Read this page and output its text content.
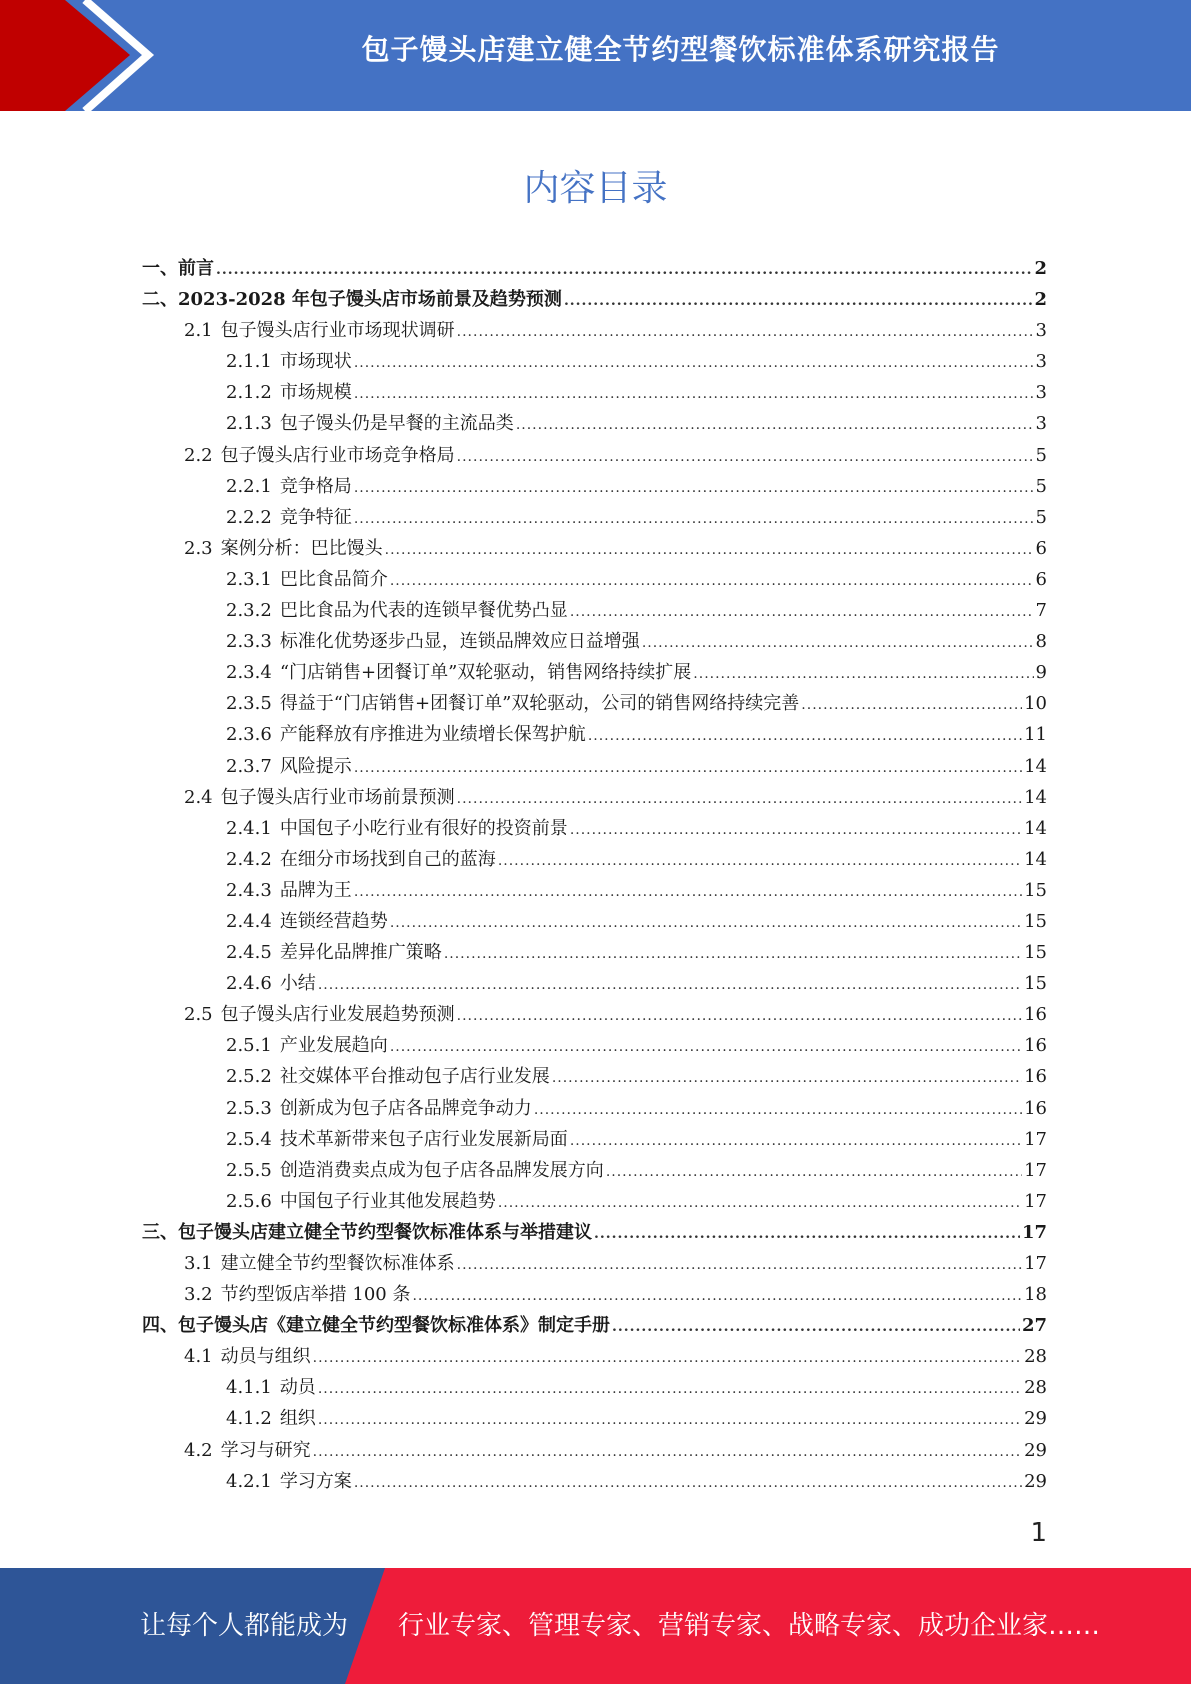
包子馒头店建立健全节约型餐饮标准体系研究报告
内容目录
一、 前言 .....	2
二、 2023-2028 年包子馒头店市场前景及趋势预测 .....	2
2.1 包子馒头店行业市场现状调研 .....	3
2.1.1 市场现状 .....	3
2.1.2 市场规模 .....	3
2.1.3 包子馒头仍是早餐的主流品类 .....	3
2.2 包子馒头店行业市场竞争格局 .....	5
2.2.1 竞争格局 .....	5
2.2.2 竞争特征 .....	5
2.3 案例分析：巴比馒头 .....	6
2.3.1 巴比食品简介 .....	6
2.3.2 巴比食品为代表的连锁早餐优势凸显 .....	7
2.3.3 标准化优势逐步凸显，连锁品牌效应日益增强 .....	8
2.3.4 “门店销售+团餐订单”双轮驱动，销售网络持续扩展 .....	9
2.3.5 得益于“门店销售+团餐订单”双轮驱动，公司的销售网络持续完善 .....	10
2.3.6 产能释放有序推进为业绩增长保驾护航 .....	11
2.3.7 风险提示 .....	14
2.4 包子馒头店行业市场前景预测 .....	14
2.4.1 中国包子小吃行业有很好的投资前景 .....	14
2.4.2 在细分市场找到自己的蓝海 .....	14
2.4.3 品牌为王 .....	15
2.4.4 连锁经营趋势 .....	15
2.4.5 差异化品牌推广策略 .....	15
2.4.6 小结 .....	15
2.5 包子馒头店行业发展趋势预测 .....	16
2.5.1 产业发展趋向 .....	16
2.5.2 社交媒体平台推动包子店行业发展 .....	16
2.5.3 创新成为包子店各品牌竞争动力 .....	16
2.5.4 技术革新带来包子店行业发展新局面 .....	17
2.5.5 创造消费卖点成为包子店各品牌发展方向 .....	17
2.5.6 中国包子行业其他发展趋势 .....	17
三、 包子馒头店建立健全节约型餐饮标准体系与举措建议 .....	17
3.1 建立健全节约型餐饮标准体系 .....	17
3.2 节约型饭店举措 100 条 .....	18
四、 包子馒头店《建立健全节约型餐饮标准体系》制定手册 .....	27
4.1 动员与组织 .....	28
4.1.1 动员 .....	28
4.1.2 组织 .....	29
4.2 学习与研究 .....	29
4.2.1 学习方案 .....	29
1
让每个人都能成为 行业专家、管理专家、营销专家、战略专家、成功企业家……
